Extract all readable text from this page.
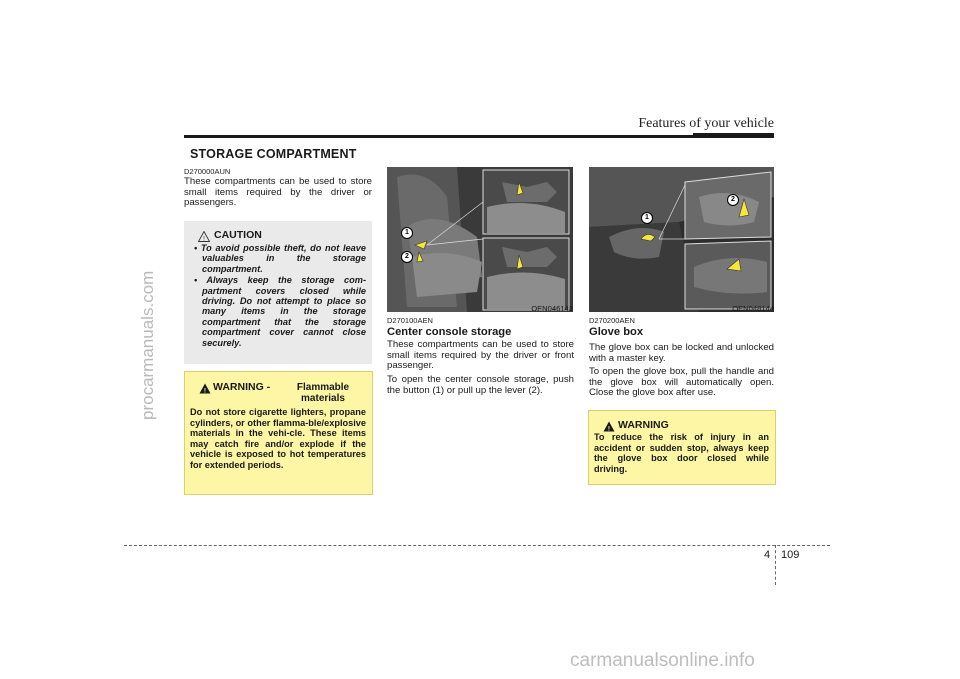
procarmanuals.com
Features of your vehicle
STORAGE COMPARTMENT
D270000AUN
These compartments can be used to store small items required by the driver or passengers.
! CAUTION
• To avoid possible theft, do not leave valuables in the storage compartment.
• Always keep the storage com-partment covers closed while driving. Do not attempt to place so many items in the storage compartment that the storage compartment cover cannot close securely.
! WARNING -	Flammable materials
Do not store cigarette lighters, propane cylinders, or other flamma-ble/explosive materials in the vehi-cle. These items may catch fire and/or explode if the vehicle is exposed to hot temperatures for extended periods.
1
2
OEN046143
D270100AEN
Center console storage
These compartments can be used to store small items required by the driver or front passenger.
To open the center console storage, push the button (1) or pull up the lever (2).
1
2
OEN048144
D270200AEN
Glove box
The glove box can be locked and unlocked with a master key.
To open the glove box, pull the handle and the glove box will automatically open. Close the glove box after use.
! WARNING
To reduce the risk of injury in an accident or sudden stop, always keep the glove box door closed while driving.
4 109
carmanualsonline.info
